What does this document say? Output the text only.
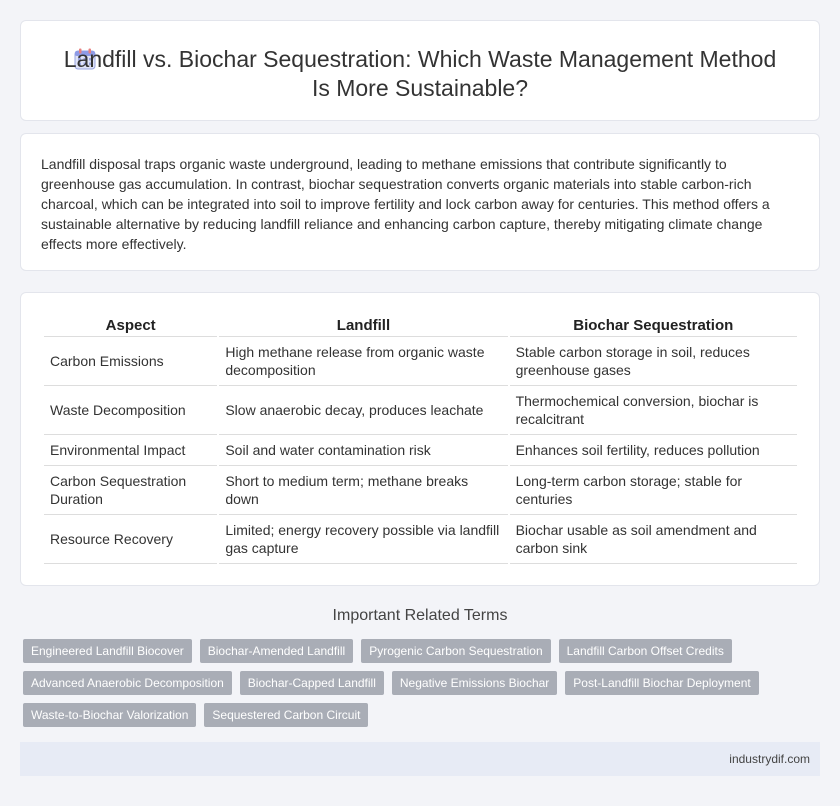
Landfill vs. Biochar Sequestration: Which Waste Management Method Is More Sustainable?

Landfill disposal traps organic waste underground, leading to methane emissions that contribute significantly to greenhouse gas accumulation. In contrast, biochar sequestration converts organic materials into stable carbon-rich charcoal, which can be integrated into soil to improve fertility and lock carbon away for centuries. This method offers a sustainable alternative by reducing landfill reliance and enhancing carbon capture, thereby mitigating climate change effects more effectively.

Aspect	Landfill	Biochar Sequestration
Carbon Emissions	High methane release from organic waste decomposition	Stable carbon storage in soil, reduces greenhouse gases
Waste Decomposition	Slow anaerobic decay, produces leachate	Thermochemical conversion, biochar is recalcitrant
Environmental Impact	Soil and water contamination risk	Enhances soil fertility, reduces pollution
Carbon Sequestration Duration	Short to medium term; methane breaks down	Long-term carbon storage; stable for centuries
Resource Recovery	Limited; energy recovery possible via landfill gas capture	Biochar usable as soil amendment and carbon sink
Important Related Terms
Engineered Landfill Biocover	Biochar-Amended Landfill	Pyrogenic Carbon Sequestration	Landfill Carbon Offset Credits
Advanced Anaerobic Decomposition	Biochar-Capped Landfill	Negative Emissions Biochar	Post-Landfill Biochar Deployment
Waste-to-Biochar Valorization	Sequestered Carbon Circuit
industrydif.com
